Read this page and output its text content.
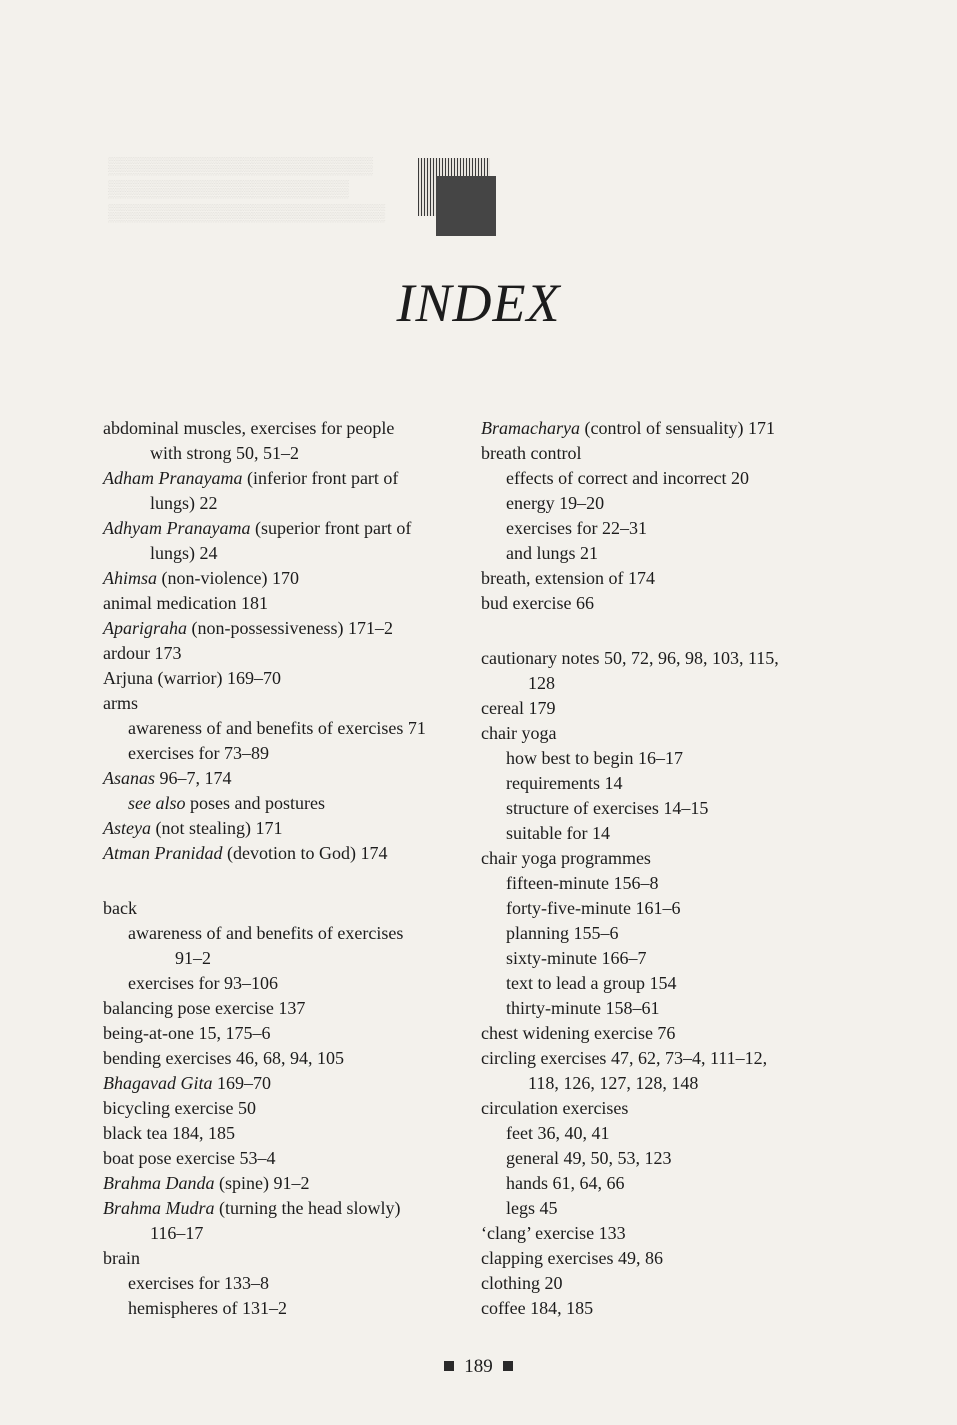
▒▒▒▒▒▒▒▒▒▒▒▒▒▒▒▒▒▒▒▒▒▒
▒▒▒▒▒▒▒▒▒▒▒▒▒▒▒▒▒▒▒▒
▒▒▒▒▒▒▒▒▒▒▒▒▒▒▒▒▒▒▒▒▒▒▒

INDEX
abdominal muscles, exercises for people
with strong 50, 51–2
Adham Pranayama (inferior front part of
lungs) 22
Adhyam Pranayama (superior front part of
lungs) 24
Ahimsa (non-violence) 170
animal medication 181
Aparigraha (non-possessiveness) 171–2
ardour 173
Arjuna (warrior) 169–70
arms
awareness of and benefits of exercises 71
exercises for 73–89
Asanas 96–7, 174
see also poses and postures
Asteya (not stealing) 171
Atman Pranidad (devotion to God) 174
back
awareness of and benefits of exercises
91–2
exercises for 93–106
balancing pose exercise 137
being-at-one 15, 175–6
bending exercises 46, 68, 94, 105
Bhagavad Gita 169–70
bicycling exercise 50
black tea 184, 185
boat pose exercise 53–4
Brahma Danda (spine) 91–2
Brahma Mudra (turning the head slowly)
116–17
brain
exercises for 133–8
hemispheres of 131–2
Bramacharya (control of sensuality) 171
breath control
effects of correct and incorrect 20
energy 19–20
exercises for 22–31
and lungs 21
breath, extension of 174
bud exercise 66
cautionary notes 50, 72, 96, 98, 103, 115,
128
cereal 179
chair yoga
how best to begin 16–17
requirements 14
structure of exercises 14–15
suitable for 14
chair yoga programmes
fifteen-minute 156–8
forty-five-minute 161–6
planning 155–6
sixty-minute 166–7
text to lead a group 154
thirty-minute 158–61
chest widening exercise 76
circling exercises 47, 62, 73–4, 111–12,
118, 126, 127, 128, 148
circulation exercises
feet 36, 40, 41
general 49, 50, 53, 123
hands 61, 64, 66
legs 45
‘clang’ exercise 133
clapping exercises 49, 86
clothing 20
coffee 184, 185
189
